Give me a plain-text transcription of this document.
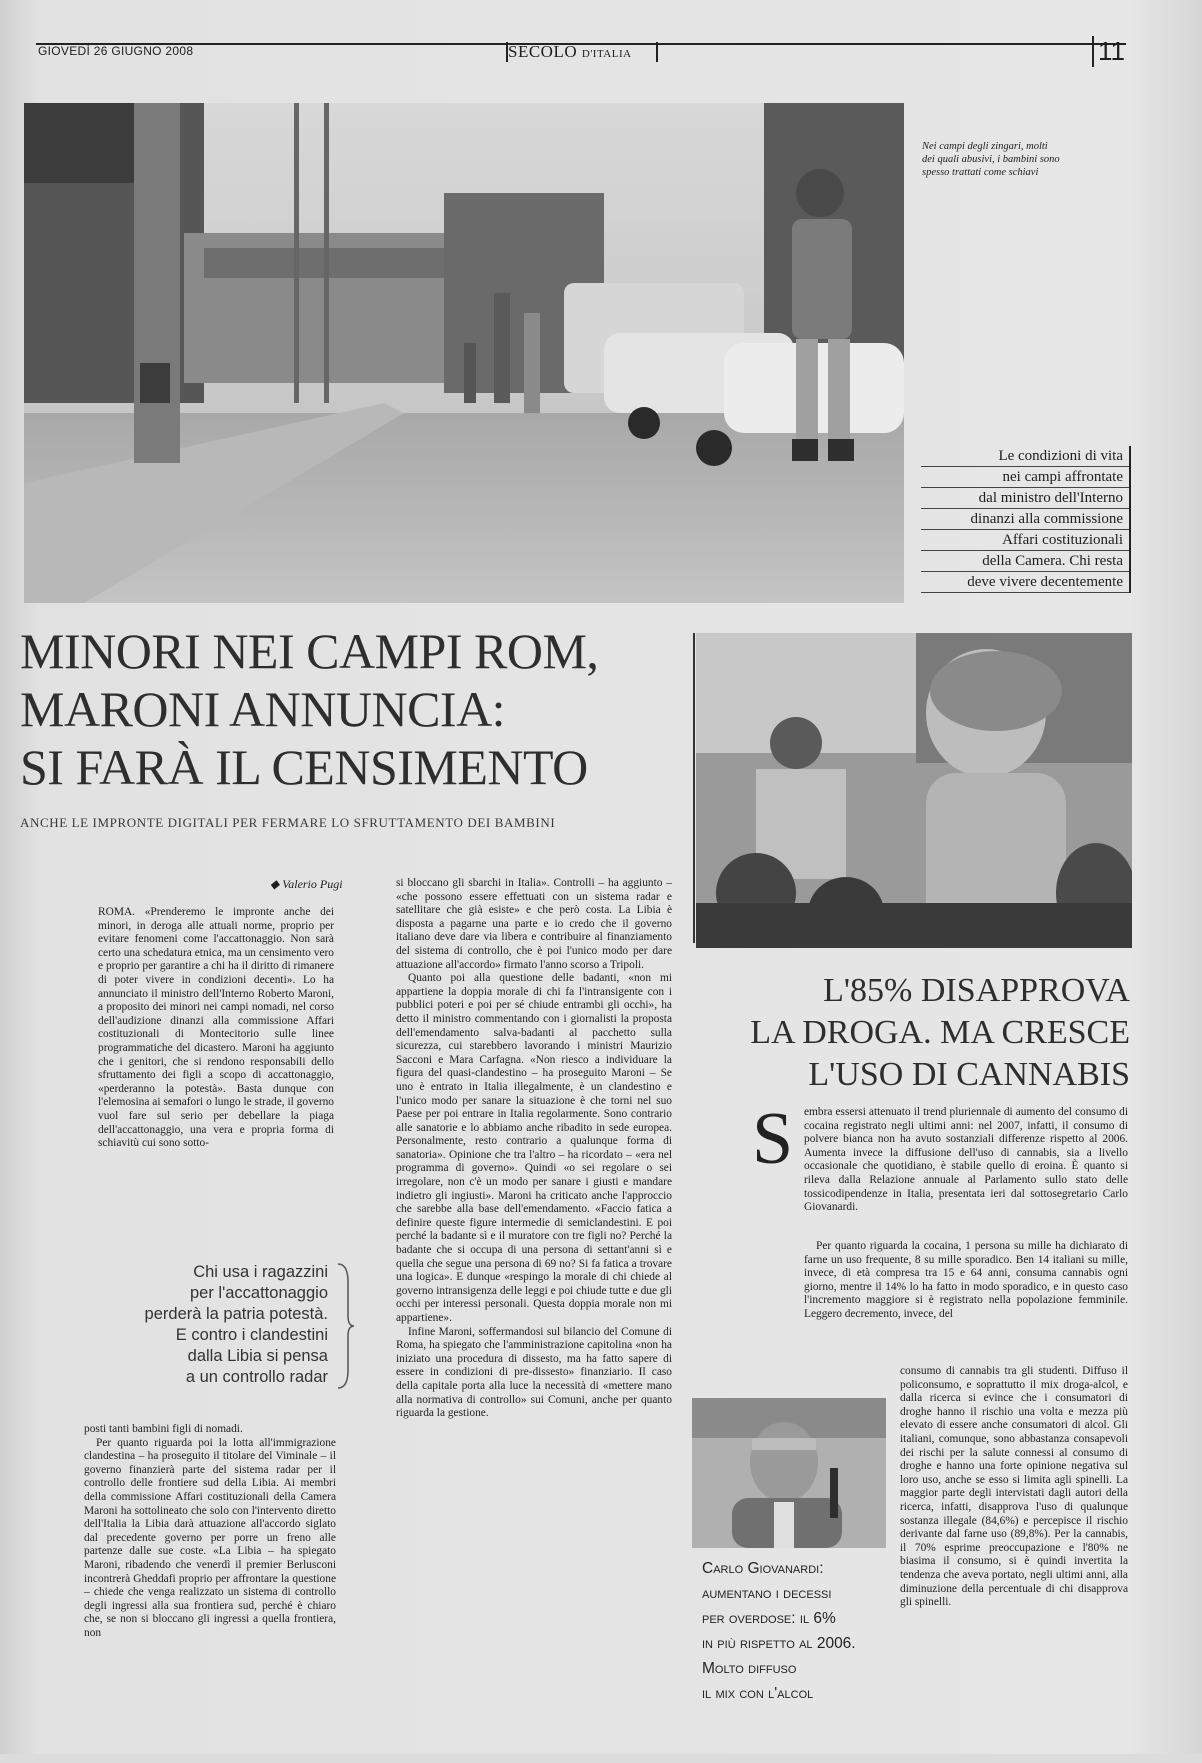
GIOVEDÌ 26 GIUGNO 2008	SECOLO D'ITALIA	11
Nei campi degli zingari, molti dei quali abusivi, i bambini sono spesso trattati come schiavi
Le condizioni di vita
nei campi affrontate
dal ministro dell'Interno
dinanzi alla commissione
Affari costituzionali
della Camera. Chi resta
deve vivere decentemente
MINORI NEI CAMPI ROM,
MARONI ANNUNCIA:
SI FARÀ IL CENSIMENTO
ANCHE LE IMPRONTE DIGITALI PER FERMARE LO SFRUTTAMENTO DEI BAMBINI
◆ Valerio Pugi

ROMA. «Prenderemo le impronte anche dei minori, in deroga alle attuali norme, proprio per evitare fenomeni come l'accattonaggio. Non sarà certo una schedatura etnica, ma un censimento vero e proprio per garantire a chi ha il diritto di rimanere di poter vivere in condizioni decenti». Lo ha annunciato il ministro dell'Interno Roberto Maroni, a proposito dei minori nei campi nomadi, nel corso dell'audizione dinanzi alla commissione Affari costituzionali di Montecitorio sulle linee programmatiche del dicastero. Maroni ha aggiunto che i genitori, che si rendono responsabili dello sfruttamento dei figli a scopo di accattonaggio, «perderanno la potestà». Basta dunque con l'elemosina ai semafori o lungo le strade, il governo vuol fare sul serio per debellare la piaga dell'accattonaggio, una vera e propria forma di schiavitù cui sono sotto-

Chi usa i ragazzini
per l'accattonaggio
perderà la patria potestà.
E contro i clandestini
dalla Libia si pensa
a un controllo radar

posti tanti bambini figli di nomadi.

Per quanto riguarda poi la lotta all'immigrazione clandestina – ha proseguito il titolare del Viminale – il governo finanzierà parte del sistema radar per il controllo delle frontiere sud della Libia. Ai membri della commissione Affari costituzionali della Camera Maroni ha sottolineato che solo con l'intervento diretto dell'Italia la Libia darà attuazione all'accordo siglato dal precedente governo per porre un freno alle partenze dalle sue coste. «La Libia – ha spiegato Maroni, ribadendo che venerdì il premier Berlusconi incontrerà Gheddafi proprio per affrontare la questione – chiede che venga realizzato un sistema di controllo degli ingressi alla sua frontiera sud, perché è chiaro che, se non si bloccano gli ingressi a quella frontiera, non

si bloccano gli sbarchi in Italia». Controlli – ha aggiunto – «che possono essere effettuati con un sistema radar e satellitare che già esiste» e che però costa. La Libia è disposta a pagarne una parte e io credo che il governo italiano deve dare via libera e contribuire al finanziamento del sistema di controllo, che è poi l'unico modo per dare attuazione all'accordo» firmato l'anno scorso a Tripoli.

Quanto poi alla questione delle badanti, «non mi appartiene la doppia morale di chi fa l'intransigente con i pubblici poteri e poi per sé chiude entrambi gli occhi», ha detto il ministro commentando con i giornalisti la proposta dell'emendamento salva-badanti al pacchetto sulla sicurezza, cui starebbero lavorando i ministri Maurizio Sacconi e Mara Carfagna. «Non riesco a individuare la figura del quasi-clandestino – ha proseguito Maroni – Se uno è entrato in Italia illegalmente, è un clandestino e l'unico modo per sanare la situazione è che torni nel suo Paese per poi entrare in Italia regolarmente. Sono contrario alle sanatorie e lo abbiamo anche ribadito in sede europea. Personalmente, resto contrario a qualunque forma di sanatoria». Opinione che tra l'altro – ha ricordato – «era nel programma di governo». Quindi «o sei regolare o sei irregolare, non c'è un modo per sanare i giusti e mandare indietro gli ingiusti». Maroni ha criticato anche l'approccio che sarebbe alla base dell'emendamento. «Faccio fatica a definire queste figure intermedie di semiclandestini. E poi perché la badante sì e il muratore con tre figli no? Perché la badante che si occupa di una persona di settant'anni sì e quella che segue una persona di 69 no? Si fa fatica a trovare una logica». E dunque «respingo la morale di chi chiede al governo intransigenza delle leggi e poi chiude tutte e due gli occhi per interessi personali. Questa doppia morale non mi appartiene».

Infine Maroni, soffermandosi sul bilancio del Comune di Roma, ha spiegato che l'amministrazione capitolina «non ha iniziato una procedura di dissesto, ma ha fatto sapere di essere in condizioni di pre-dissesto» finanziario. Il caso della capitale porta alla luce la necessità di «mettere mano alla normativa di controllo» sui Comuni, anche per quanto riguarda la gestione.

L'85% DISAPPROVA
LA DROGA. MA CRESCE
L'USO DI CANNABIS
S embra essersi attenuato il trend pluriennale di aumento del consumo di cocaina registrato negli ultimi anni: nel 2007, infatti, il consumo di polvere bianca non ha avuto sostanziali differenze rispetto al 2006. Aumenta invece la diffusione dell'uso di cannabis, sia a livello occasionale che quotidiano, è stabile quello di eroina. È quanto si rileva dalla Relazione annuale al Parlamento sullo stato delle tossicodipendenze in Italia, presentata ieri dal sottosegretario Carlo Giovanardi.

Per quanto riguarda la cocaina, 1 persona su mille ha dichiarato di farne un uso frequente, 8 su mille sporadico. Ben 14 italiani su mille, invece, di età compresa tra 15 e 64 anni, consuma cannabis ogni giorno, mentre il 14% lo ha fatto in modo sporadico, e in questo caso l'incremento maggiore si è registrato nella popolazione femminile. Leggero decremento, invece, del

consumo di cannabis tra gli studenti. Diffuso il policonsumo, e soprattutto il mix droga-alcol, e dalla ricerca si evince che i consumatori di droghe hanno il rischio una volta e mezza più elevato di essere anche consumatori di alcol. Gli italiani, comunque, sono abbastanza consapevoli dei rischi per la salute connessi al consumo di droghe e hanno una forte opinione negativa sul loro uso, anche se esso si limita agli spinelli. La maggior parte degli intervistati dagli autori della ricerca, infatti, disapprova l'uso di qualunque sostanza illegale (84,6%) e percepisce il rischio derivante dal farne uso (89,8%). Per la cannabis, il 70% esprime preoccupazione e l'80% ne biasima il consumo, si è quindi invertita la tendenza che aveva portato, negli ultimi anni, alla diminuzione della percentuale di chi disapprova gli spinelli.

Carlo Giovanardi:
aumentano i decessi
per overdose: il 6%
in più rispetto al 2006.
Molto diffuso
il mix con l'alcol
